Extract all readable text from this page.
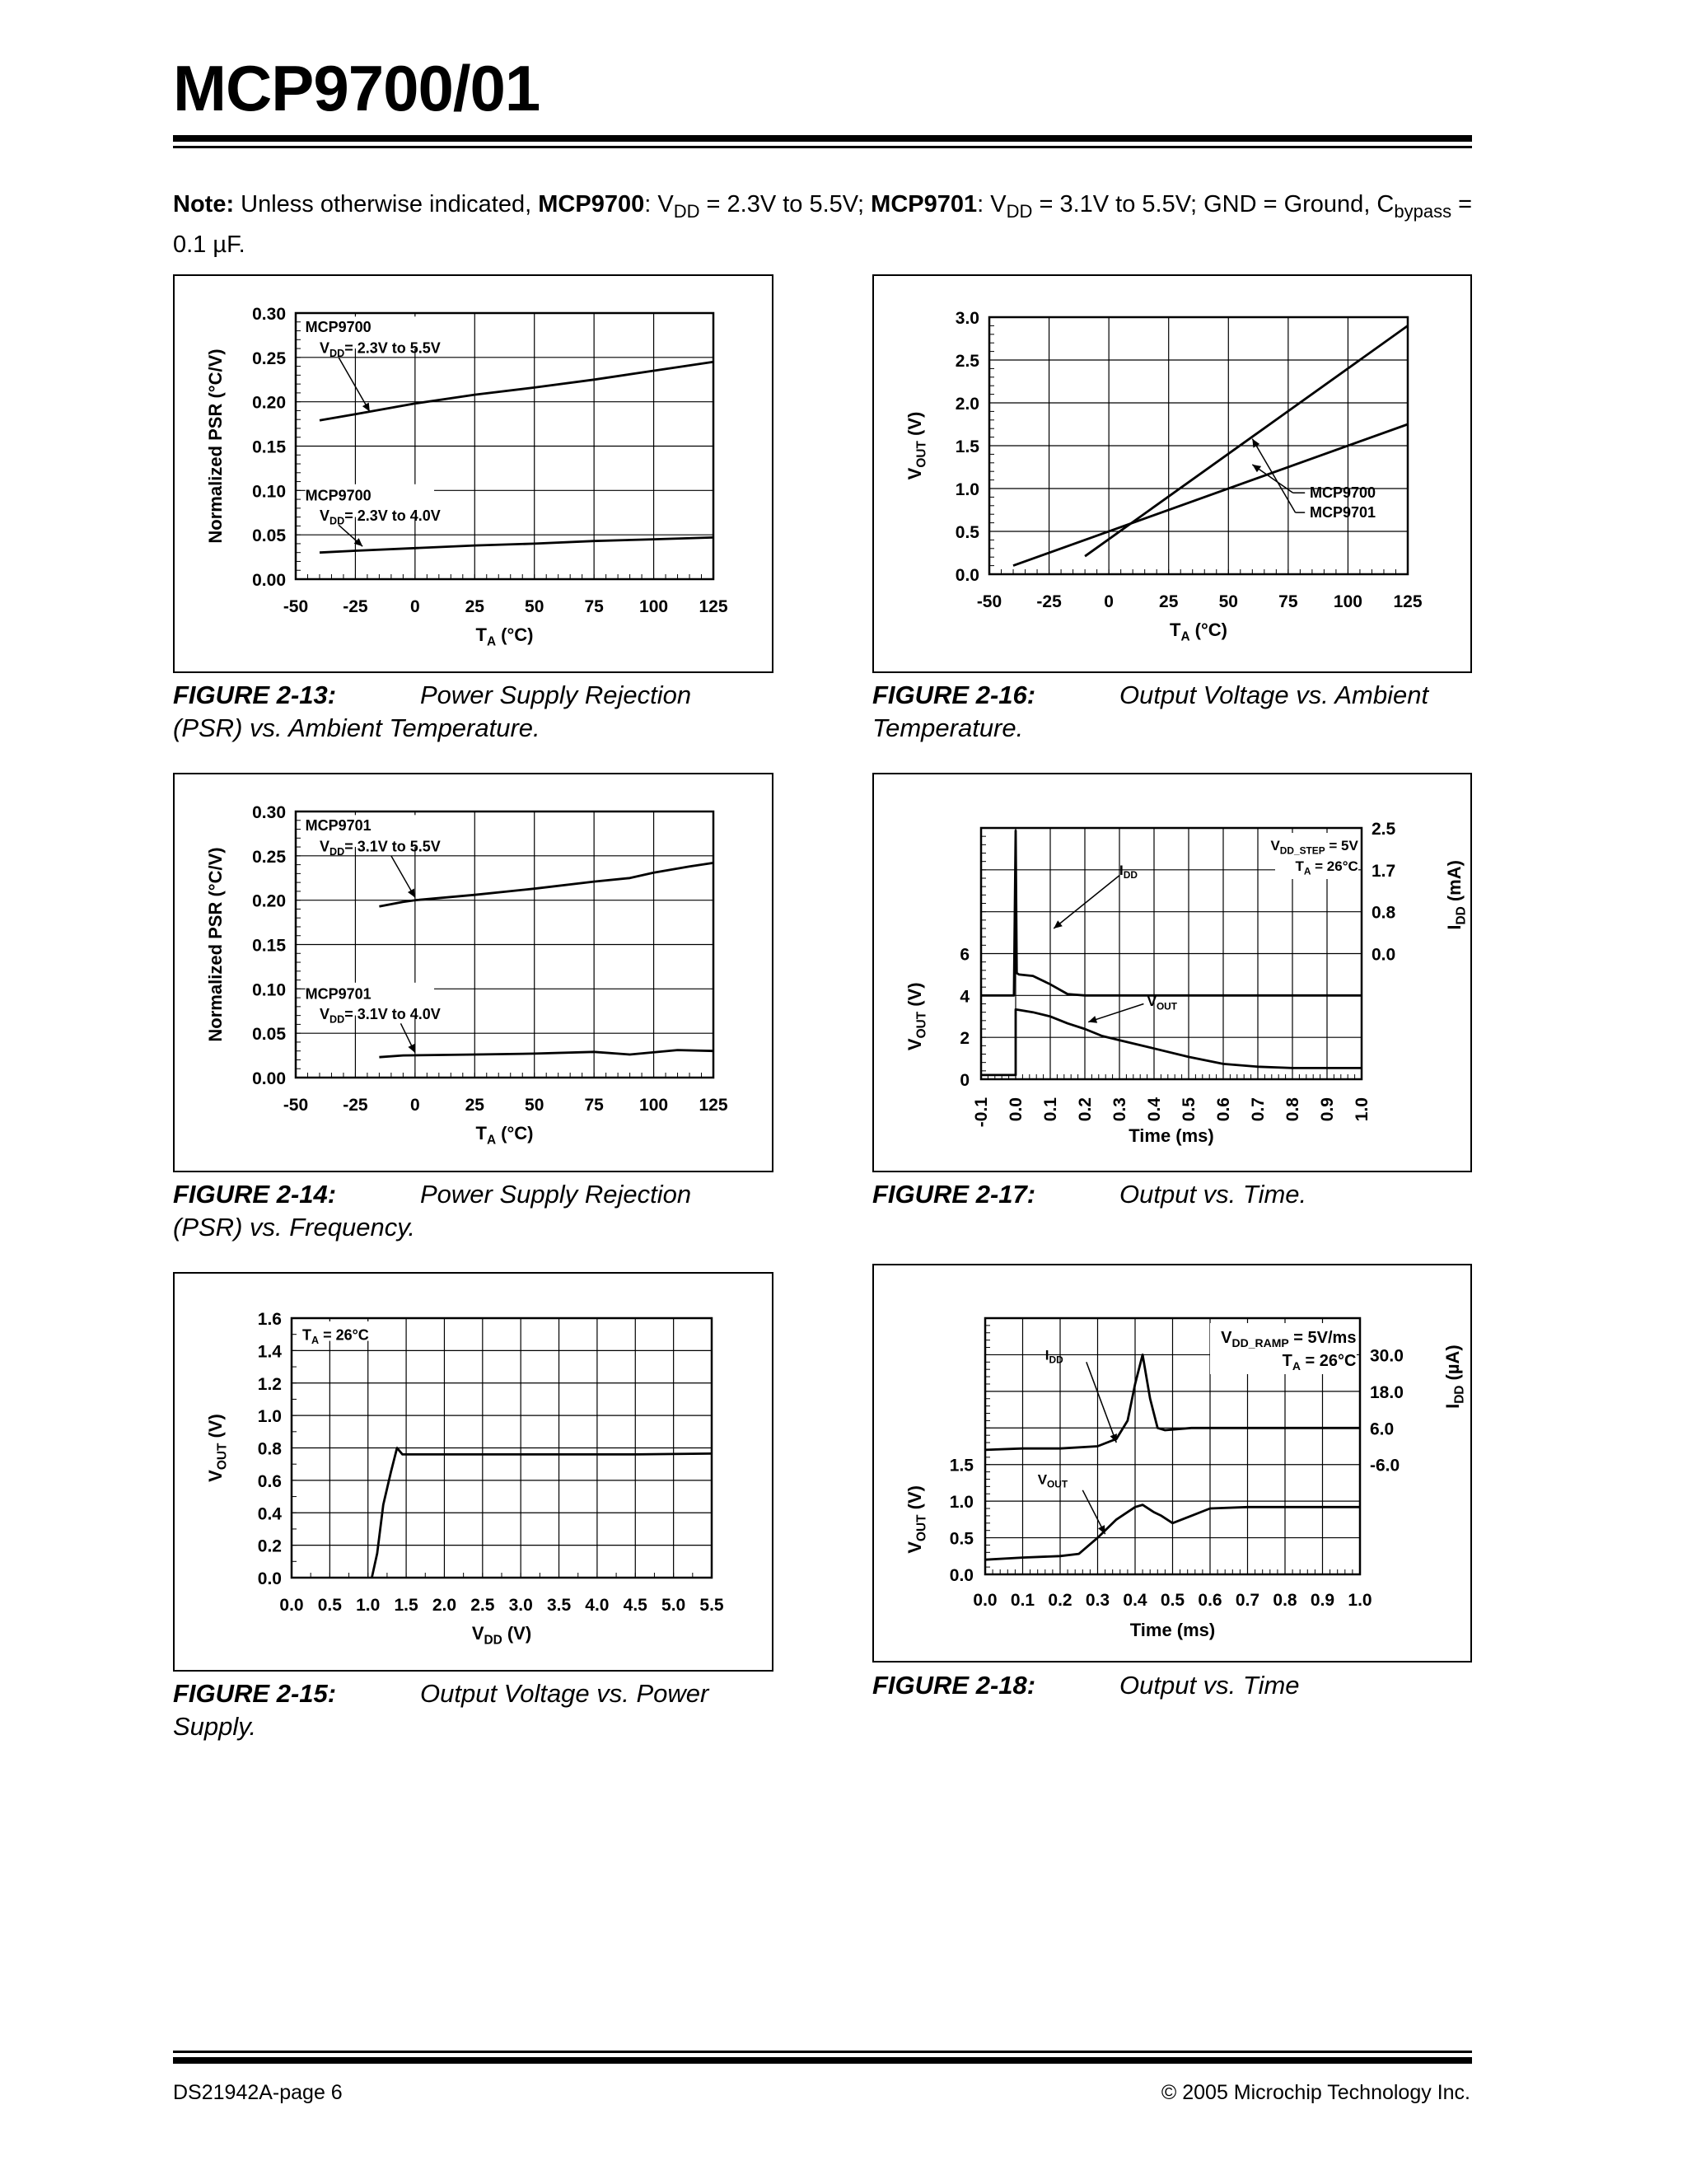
MCP9700/01
Note: Unless otherwise indicated, MCP9700: $V_{DD} = 2.3V$ to 5.5V; MCP9701: $V_{DD} = 3.1V$ to 5.5V; GND = Ground, $C_{bypass} = 0.1$ µF.
0.00
0.05
0.10
0.15
0.20
0.25
0.30
-50 -25 0	25 50 75 100 125
$T_A$ (°C)
Normalized PSR (°C/V)
MCP9700
$V_{DD}= 2.3V$ to 5.5V
MCP9700
$V_{DD}= 2.3V$ to 4.0V
0.0
0.5
1.0
1.5
2.0
2.5
3.0
-50 -25 0	25 50 75 100 125
$T_A$ (°C)
$V_{OUT}$ (V)
MCP9700
MCP9701
0.00
0.05
0.10
0.15
0.20
0.25
0.30
-50 -25 0	25 50 75 100 125
$T_A$ (°C)
Normalized PSR (°C/V)
MCP9701
$V_{DD}= 3.1V$ to 5.5V
MCP9701
$V_{DD}= 3.1V$ to 4.0V
0
2
4
6	0.0
0.8
1.7
2.5
-0.1 0.0 0.1 0.2 0.3 0.4 0.5 0.6 0.7 0.8 0.9 1.0
Time (ms)
$V_{OUT}$ (V)
$I_{DD}$ (mA)
$V_{DD\_STEP} = 5V$
$T_A = 26^\circ C$
$I_{DD}$
$V_{OUT}$
0.0
0.2
0.4
0.6
0.8
1.0
1.2
1.4
1.6
0.0 0.5 1.0 1.5 2.0 2.5 3.0 3.5 4.0 4.5 5.0 5.5
$V_{DD}$ (V)
$V_{OUT}$ (V)
$T_A = 26^\circ C$
0.0
0.5
1.0
1.5	-6.0
6.0
18.0
30.0
0.0 0.1 0.2 0.3 0.4 0.5 0.6 0.7 0.8 0.9 1.0
Time (ms)
$V_{OUT}$ (V)
$I_{DD}$ (µA)
$V_{DD\_RAMP} = 5V/ms$
$T_A = 26^\circ C$
$I_{DD}$
$V_{OUT}$
FIGURE 2-13:	Power Supply Rejection
(PSR) vs. Ambient Temperature.
FIGURE 2-16:	Output Voltage vs. Ambient
Temperature.
FIGURE 2-14:	Power Supply Rejection
(PSR) vs. Frequency.
FIGURE 2-17:	Output vs. Time.
FIGURE 2-15:	Output Voltage vs. Power
Supply.
FIGURE 2-18:	Output vs. Time
DS21942A-page 6	© 2005 Microchip Technology Inc.
